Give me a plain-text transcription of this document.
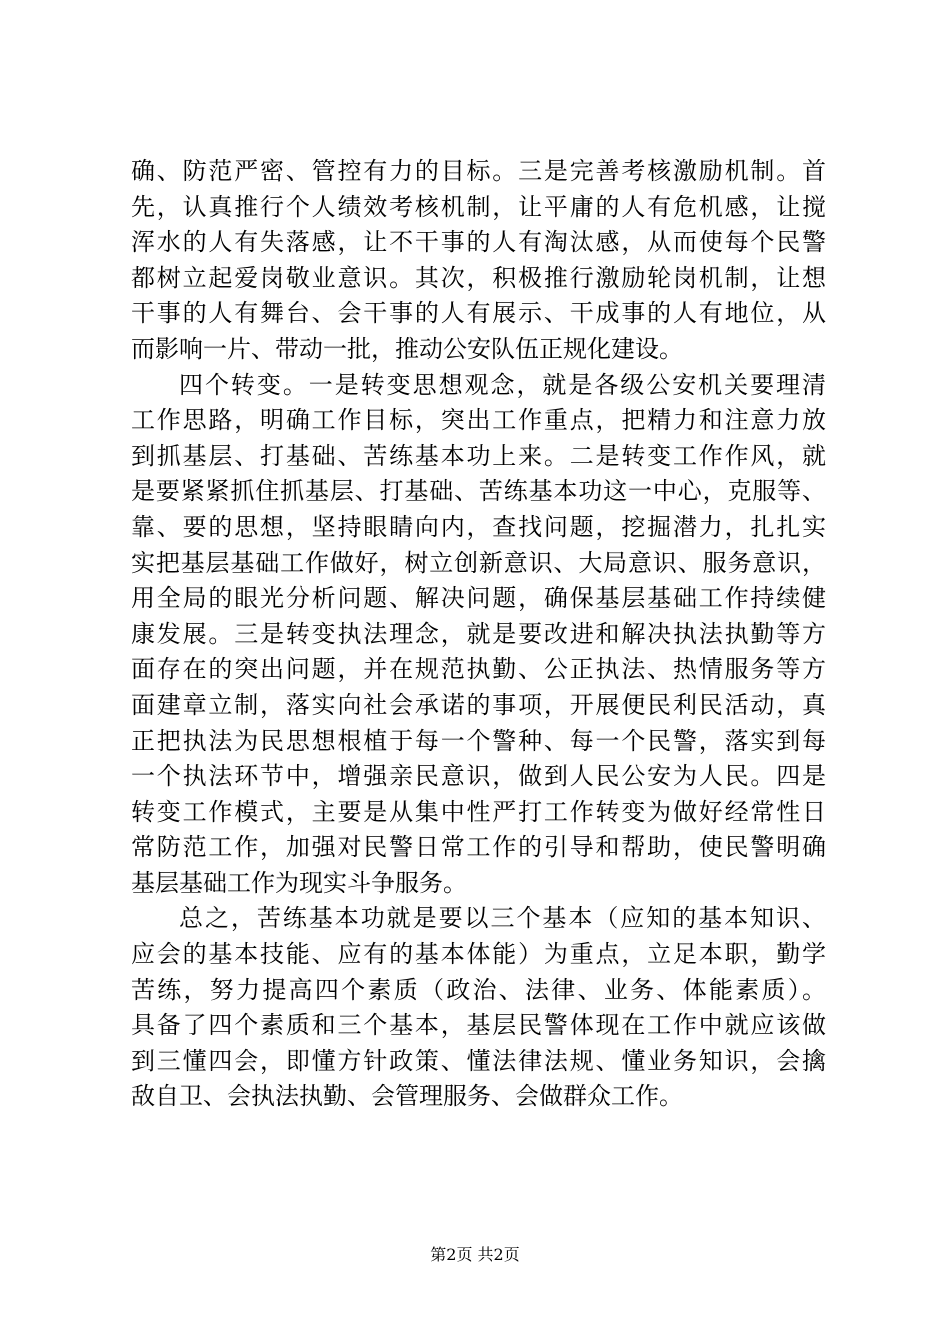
确、防范严密、管控有力的目标。三是完善考核激励机制。首
先，认真推行个人绩效考核机制，让平庸的人有危机感，让搅
浑水的人有失落感，让不干事的人有淘汰感，从而使每个民警
都树立起爱岗敬业意识。其次，积极推行激励轮岗机制，让想
干事的人有舞台、会干事的人有展示、干成事的人有地位，从
而影响一片、带动一批，推动公安队伍正规化建设。
四个转变。一是转变思想观念，就是各级公安机关要理清
工作思路，明确工作目标，突出工作重点，把精力和注意力放
到抓基层、打基础、苦练基本功上来。二是转变工作作风，就
是要紧紧抓住抓基层、打基础、苦练基本功这一中心，克服等、
靠、要的思想，坚持眼睛向内，查找问题，挖掘潜力，扎扎实
实把基层基础工作做好，树立创新意识、大局意识、服务意识，
用全局的眼光分析问题、解决问题，确保基层基础工作持续健
康发展。三是转变执法理念，就是要改进和解决执法执勤等方
面存在的突出问题，并在规范执勤、公正执法、热情服务等方
面建章立制，落实向社会承诺的事项，开展便民利民活动，真
正把执法为民思想根植于每一个警种、每一个民警，落实到每
一个执法环节中，增强亲民意识，做到人民公安为人民。四是
转变工作模式，主要是从集中性严打工作转变为做好经常性日
常防范工作，加强对民警日常工作的引导和帮助，使民警明确
基层基础工作为现实斗争服务。
总之，苦练基本功就是要以三个基本（应知的基本知识、
应会的基本技能、应有的基本体能）为重点，立足本职，勤学
苦练，努力提高四个素质（政治、法律、业务、体能素质）。
具备了四个素质和三个基本，基层民警体现在工作中就应该做
到三懂四会，即懂方针政策、懂法律法规、懂业务知识，会擒
敌自卫、会执法执勤、会管理服务、会做群众工作。
第2页 共2页
